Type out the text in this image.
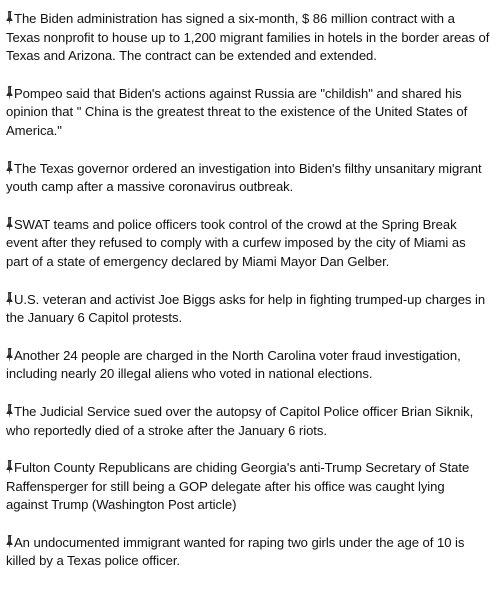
The Biden administration has signed a six-month, $ 86 million contract with a Texas nonprofit to house up to 1,200 migrant families in hotels in the border areas of Texas and Arizona. The contract can be extended and extended.

Pompeo said that Biden's actions against Russia are "childish" and shared his opinion that " China is the greatest threat to the existence of the United States of America."

The Texas governor ordered an investigation into Biden's filthy unsanitary migrant youth camp after a massive coronavirus outbreak.

SWAT teams and police officers took control of the crowd at the Spring Break event after they refused to comply with a curfew imposed by the city of Miami as part of a state of emergency declared by Miami Mayor Dan Gelber.

U.S. veteran and activist Joe Biggs asks for help in fighting trumped-up charges in the January 6 Capitol protests.

Another 24 people are charged in the North Carolina voter fraud investigation, including nearly 20 illegal aliens who voted in national elections.

The Judicial Service sued over the autopsy of Capitol Police officer Brian Siknik, who reportedly died of a stroke after the January 6 riots.

Fulton County Republicans are chiding Georgia's anti-Trump Secretary of State Raffensperger for still being a GOP delegate after his office was caught lying against Trump (Washington Post article)

An undocumented immigrant wanted for raping two girls under the age of 10 is killed by a Texas police officer.
